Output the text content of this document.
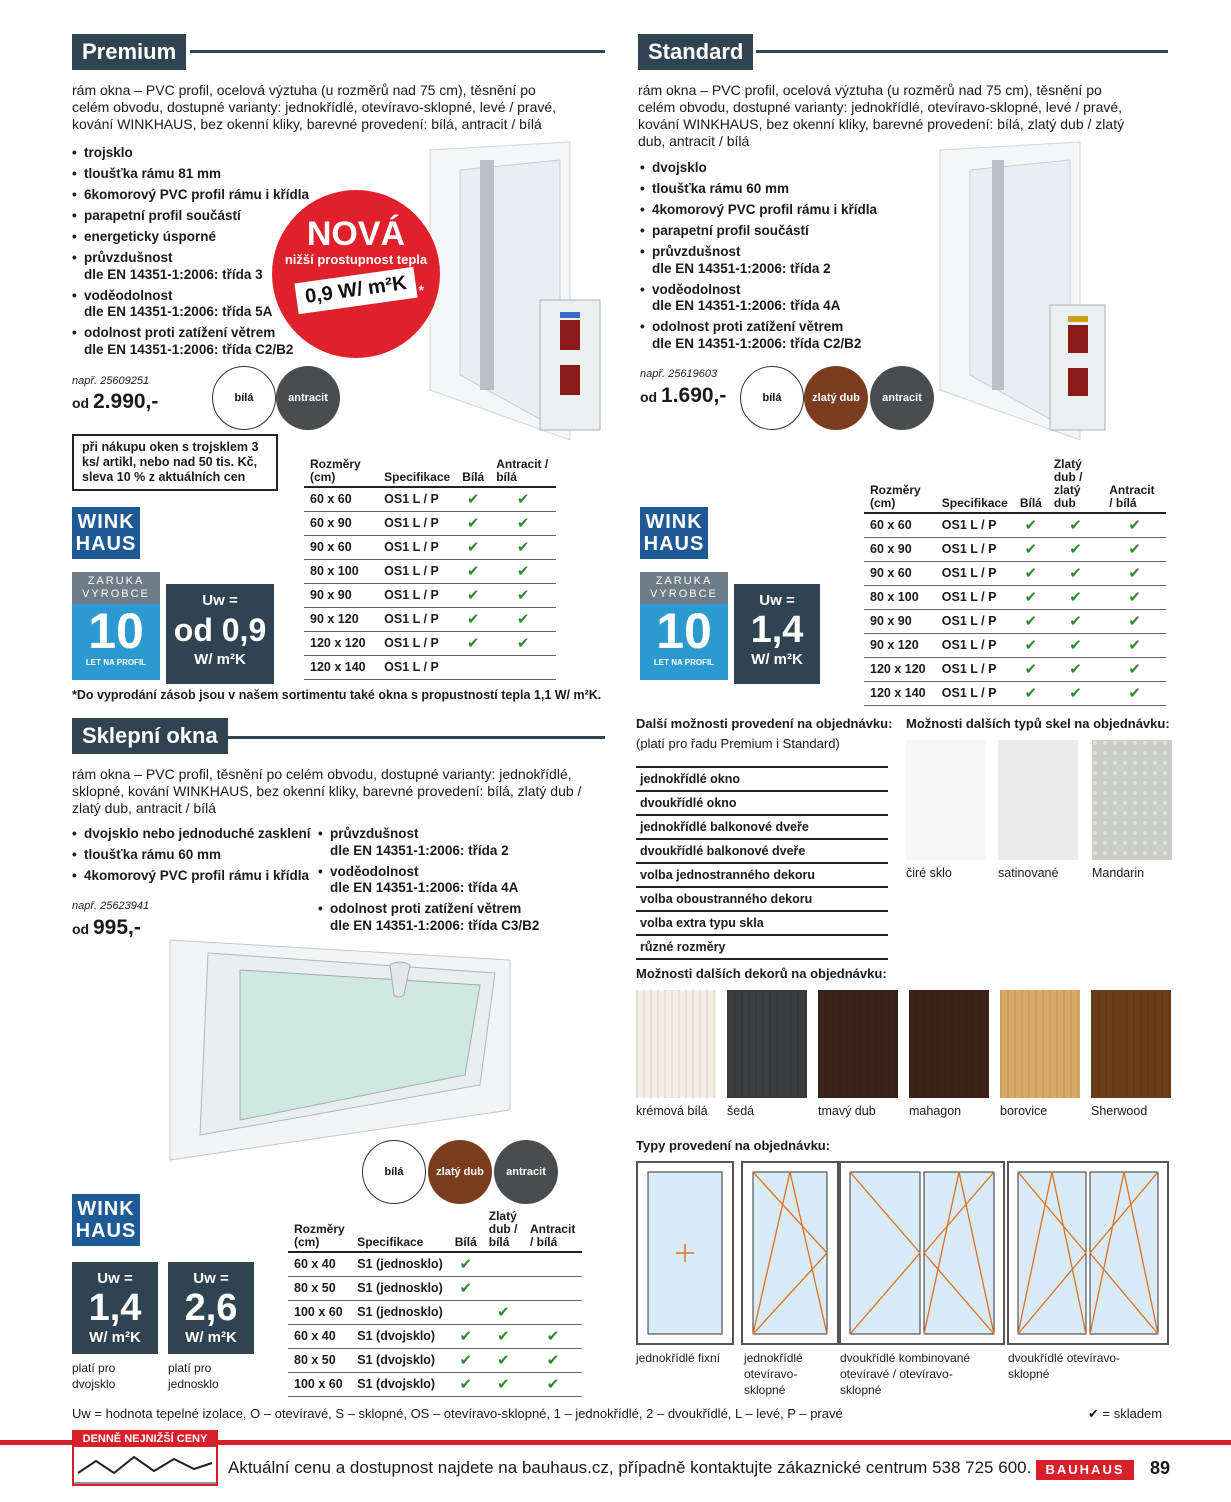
Premium
rám okna – PVC profil, ocelová výztuha (u rozměrů nad 75 cm), těsnění po celém obvodu, dostupné varianty: jednokřídlé, otevíravo-sklopné, levé / pravé, kování WINKHAUS, bez okenní kliky, barevné provedení: bílá, antracit / bílá
• trojsklo
• tloušťka rámu 81 mm
• 6komorový PVC profil rámu i křídla
• parapetní profil součástí
• energeticky úsporné
• průvzdušnost
dle EN 14351-1:2006: třída 3
• voděodolnost
dle EN 14351-1:2006: třída 5A
• odolnost proti zatížení větrem
dle EN 14351-1:2006: třída C2/B2
NOVÁ
nižší prostupnost tepla
0,9 W/ m²K *
např. 25609251
od 2.990,-	bílá	antracit
při nákupu oken s trojsklem 3 ks/ artikl, nebo nad 50 tis. Kč, sleva 10 % z aktuálních cen
Rozměry (cm)	Specifikace	Bílá	Antracit / bílá
60 x 60	OS1 L / P	✔	✔
60 x 90	OS1 L / P	✔	✔
90 x 60	OS1 L / P	✔	✔
80 x 100	OS1 L / P	✔	✔
90 x 90	OS1 L / P	✔	✔
90 x 120	OS1 L / P	✔	✔
120 x 120	OS1 L / P	✔	✔
120 x 140	OS1 L / P		
WINK
HAUS
ZARUKA
VYROBCE
10
LET NA PROFIL
Uw =
od 0,9
W/ m²K
*Do vyprodání zásob jsou v našem sortimentu také okna s propustností tepla 1,1 W/ m²K.
Standard
rám okna – PVC profil, ocelová výztuha (u rozměrů nad 75 cm), těsnění po celém obvodu, dostupné varianty: jednokřídlé, otevíravo-sklopné, levé / pravé, kování WINKHAUS, bez okenní kliky, barevné provedení: bílá, zlatý dub / zlatý dub, antracit / bílá
• dvojsklo
• tloušťka rámu 60 mm
• 4komorový PVC profil rámu i křídla
• parapetní profil součástí
• průvzdušnost
dle EN 14351-1:2006: třída 2
• voděodolnost
dle EN 14351-1:2006: třída 4A
• odolnost proti zatížení větrem
dle EN 14351-1:2006: třída C2/B2
např. 25619603
od 1.690,-	bílá	zlatý dub	antracit
Rozměry (cm)	Specifikace	Bílá	Zlatý dub / zlatý dub	Antracit / bílá
60 x 60	OS1 L / P	✔	✔	✔
60 x 90	OS1 L / P	✔	✔	✔
90 x 60	OS1 L / P	✔	✔	✔
80 x 100	OS1 L / P	✔	✔	✔
90 x 90	OS1 L / P	✔	✔	✔
90 x 120	OS1 L / P	✔	✔	✔
120 x 120	OS1 L / P	✔	✔	✔
120 x 140	OS1 L / P	✔	✔	✔
WINK
HAUS
ZARUKA
VYROBCE
10
LET NA PROFIL
Uw =
1,4
W/ m²K
Sklepní okna
rám okna – PVC profil, těsnění po celém obvodu, dostupné varianty: jednokřídlé, sklopné, kování WINKHAUS, bez okenní kliky, barevné provedení: bílá, zlatý dub / zlatý dub, antracit / bílá
• dvojsklo nebo jednoduché zasklení
• tloušťka rámu 60 mm
• 4komorový PVC profil rámu i křídla
• průvzdušnost
dle EN 14351-1:2006: třída 2
• voděodolnost
dle EN 14351-1:2006: třída 4A
• odolnost proti zatížení větrem
dle EN 14351-1:2006: třída C3/B2
např. 25623941
od 995,-
bílá	zlatý dub	antracit
WINK
HAUS	Rozměry (cm)	Specifikace	Bílá	Zlatý dub / bílá	Antracit / bílá
60 x 40	S1 (jednosklo)	✔		
80 x 50	S1 (jednosklo)	✔		
100 x 60	S1 (jednosklo)		✔	
60 x 40	S1 (dvojsklo)	✔	✔	✔
80 x 50	S1 (dvojsklo)	✔	✔	✔
100 x 60	S1 (dvojsklo)	✔	✔	✔
Uw =
1,4
W/ m²K
platí pro dvojsklo
Uw =
2,6
W/ m²K
platí pro jednosklo
Další možnosti provedení na objednávku:
(platí pro řadu Premium i Standard)
jednokřídlé okno
dvoukřídlé okno
jednokřídlé balkonové dveře
dvoukřídlé balkonové dveře
volba jednostranného dekoru
volba oboustranného dekoru
volba extra typu skla
různé rozměry
Možnosti dalších typů skel na objednávku:
čiré sklo	satinované	Mandarin
Možnosti dalších dekorů na objednávku:
krémová bílá šedá	tmavý dub	mahagon	borovice	Sherwood
Typy provedení na objednávku:
jednokřídlé fixní	jednokřídlé otevíravo-sklopné
dvoukřídlé kombinované otevíravé / otevíravo-sklopné
dvoukřídlé otevíravo-sklopné
Uw = hodnota tepelné izolace, O – otevíravé, S – sklopné, OS – otevíravo-sklopné, 1 – jednokřídlé, 2 – dvoukřídlé, L – levé, P – pravé	✔ = skladem
DENNĚ NEJNIŽŠÍ CENY
Aktuální cenu a dostupnost najdete na bauhaus.cz, případně kontaktujte zákaznické centrum 538 725 600.	BAUHAUS	89
